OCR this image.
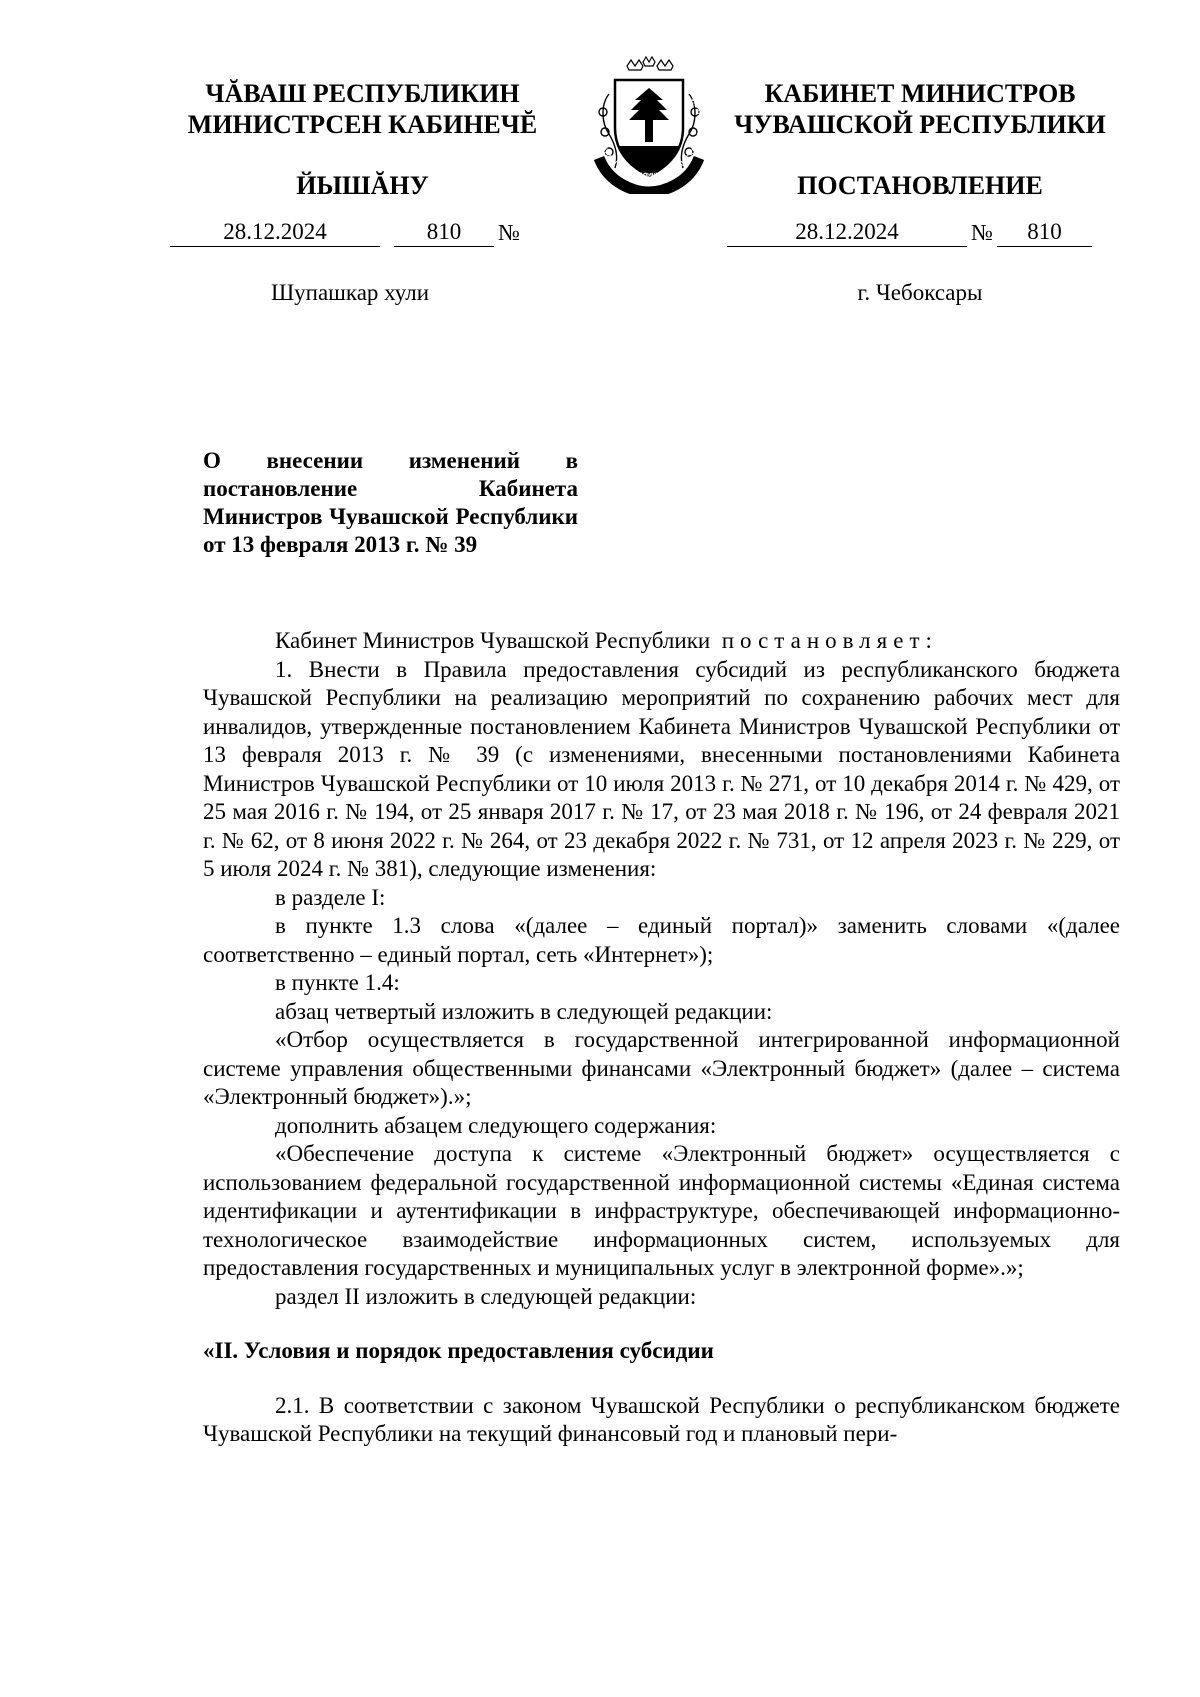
ЧĂВАШ РЕСПУБЛИКИН
МИНИСТРСЕН КАБИНЕЧĔ
ЙЫШĂНУ
ЧĂВАШ РЕСПУБЛИКИ • ЧУВАШСКАЯ РЕСПУБЛИКА	КАБИНЕТ МИНИСТРОВ
ЧУВАШСКОЙ РЕСПУБЛИКИ
ПОСТАНОВЛЕНИЕ
28.12.2024	810 №	28.12.2024	№ 810
Шупашкар хули	г. Чебоксары
О внесении изменений в постановление Кабинета Министров Чувашской Республики от 13 февраля 2013 г. № 39

Кабинет Министров Чувашской Республики постановляет:

1. Внести в Правила предоставления субсидий из республиканского бюджета Чувашской Республики на реализацию мероприятий по сохранению рабочих мест для инвалидов, утвержденные постановлением Кабинета Министров Чувашской Республики от 13 февраля 2013 г. № 39 (с изменениями, внесенными постановлениями Кабинета Министров Чувашской Республики от 10 июля 2013 г. № 271, от 10 декабря 2014 г. № 429, от 25 мая 2016 г. № 194, от 25 января 2017 г. № 17, от 23 мая 2018 г. № 196, от 24 февраля 2021 г. № 62, от 8 июня 2022 г. № 264, от 23 декабря 2022 г. № 731, от 12 апреля 2023 г. № 229, от 5 июля 2024 г. № 381), следующие изменения:

в разделе I:

в пункте 1.3 слова «(далее – единый портал)» заменить словами «(далее соответственно – единый портал, сеть «Интернет»);

в пункте 1.4:

абзац четвертый изложить в следующей редакции:

«Отбор осуществляется в государственной интегрированной информационной системе управления общественными финансами «Электронный бюджет» (далее – система «Электронный бюджет»).»;

дополнить абзацем следующего содержания:

«Обеспечение доступа к системе «Электронный бюджет» осуществляется с использованием федеральной государственной информационной системы «Единая система идентификации и аутентификации в инфраструктуре, обеспечивающей информационно-технологическое взаимодействие информационных систем, используемых для предоставления государственных и муниципальных услуг в электронной форме».»;

раздел II изложить в следующей редакции:

«II. Условия и порядок предоставления субсидии

2.1. В соответствии с законом Чувашской Республики о республиканском бюджете Чувашской Республики на текущий финансовый год и плановый пери-
